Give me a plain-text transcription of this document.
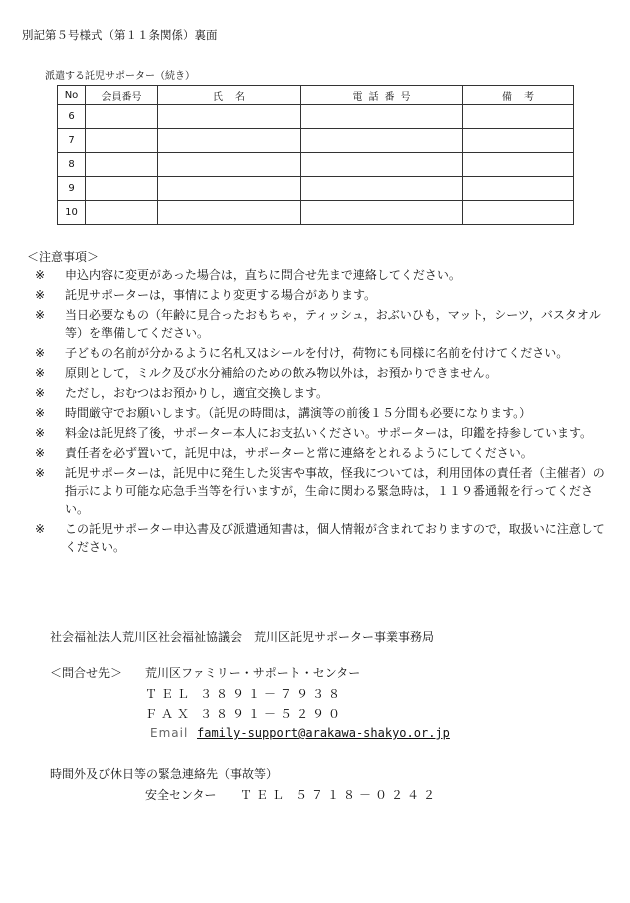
別記第５号様式（第１１条関係）裏面
派遣する託児サポーター（続き）
No	会員番号	氏名	電話番号	備考
6				
7				
8				
9				
10				
＜注意事項＞
※	申込内容に変更があった場合は，直ちに問合せ先まで連絡してください。
※	託児サポーターは，事情により変更する場合があります。
※	当日必要なもの（年齢に見合ったおもちゃ，ティッシュ，おぶいひも，マット，シーツ，バスタオル等）を準備してください。
※	子どもの名前が分かるように名札又はシールを付け，荷物にも同様に名前を付けてください。
※	原則として，ミルク及び水分補給のための飲み物以外は，お預かりできません。
※	ただし，おむつはお預かりし，適宜交換します。
※	時間厳守でお願いします。（託児の時間は，講演等の前後１５分間も必要になります。）
※	料金は託児終了後，サポーター本人にお支払いください。サポーターは，印鑑を持参しています。
※	責任者を必ず置いて，託児中は，サポーターと常に連絡をとれるようにしてください。
※	託児サポーターは，託児中に発生した災害や事故，怪我については，利用団体の責任者（主催者）の指示により可能な応急手当等を行いますが，生命に関わる緊急時は，１１９番通報を行ってください。
※	この託児サポーター申込書及び派遣通知書は，個人情報が含まれておりますので，取扱いに注意してください。
社会福祉法人荒川区社会福祉協議会　荒川区託児サポーター事業事務局
＜問合せ先＞ 荒川区ファミリー・サポート・センター
ＴＥＬ ３８９１－７９３８
ＦＡＸ ３８９１－５２９０
Email family-support@arakawa-shakyo.or.jp
時間外及び休日等の緊急連絡先（事故等）
安全センター ＴＥＬ ５７１８－０２４２
